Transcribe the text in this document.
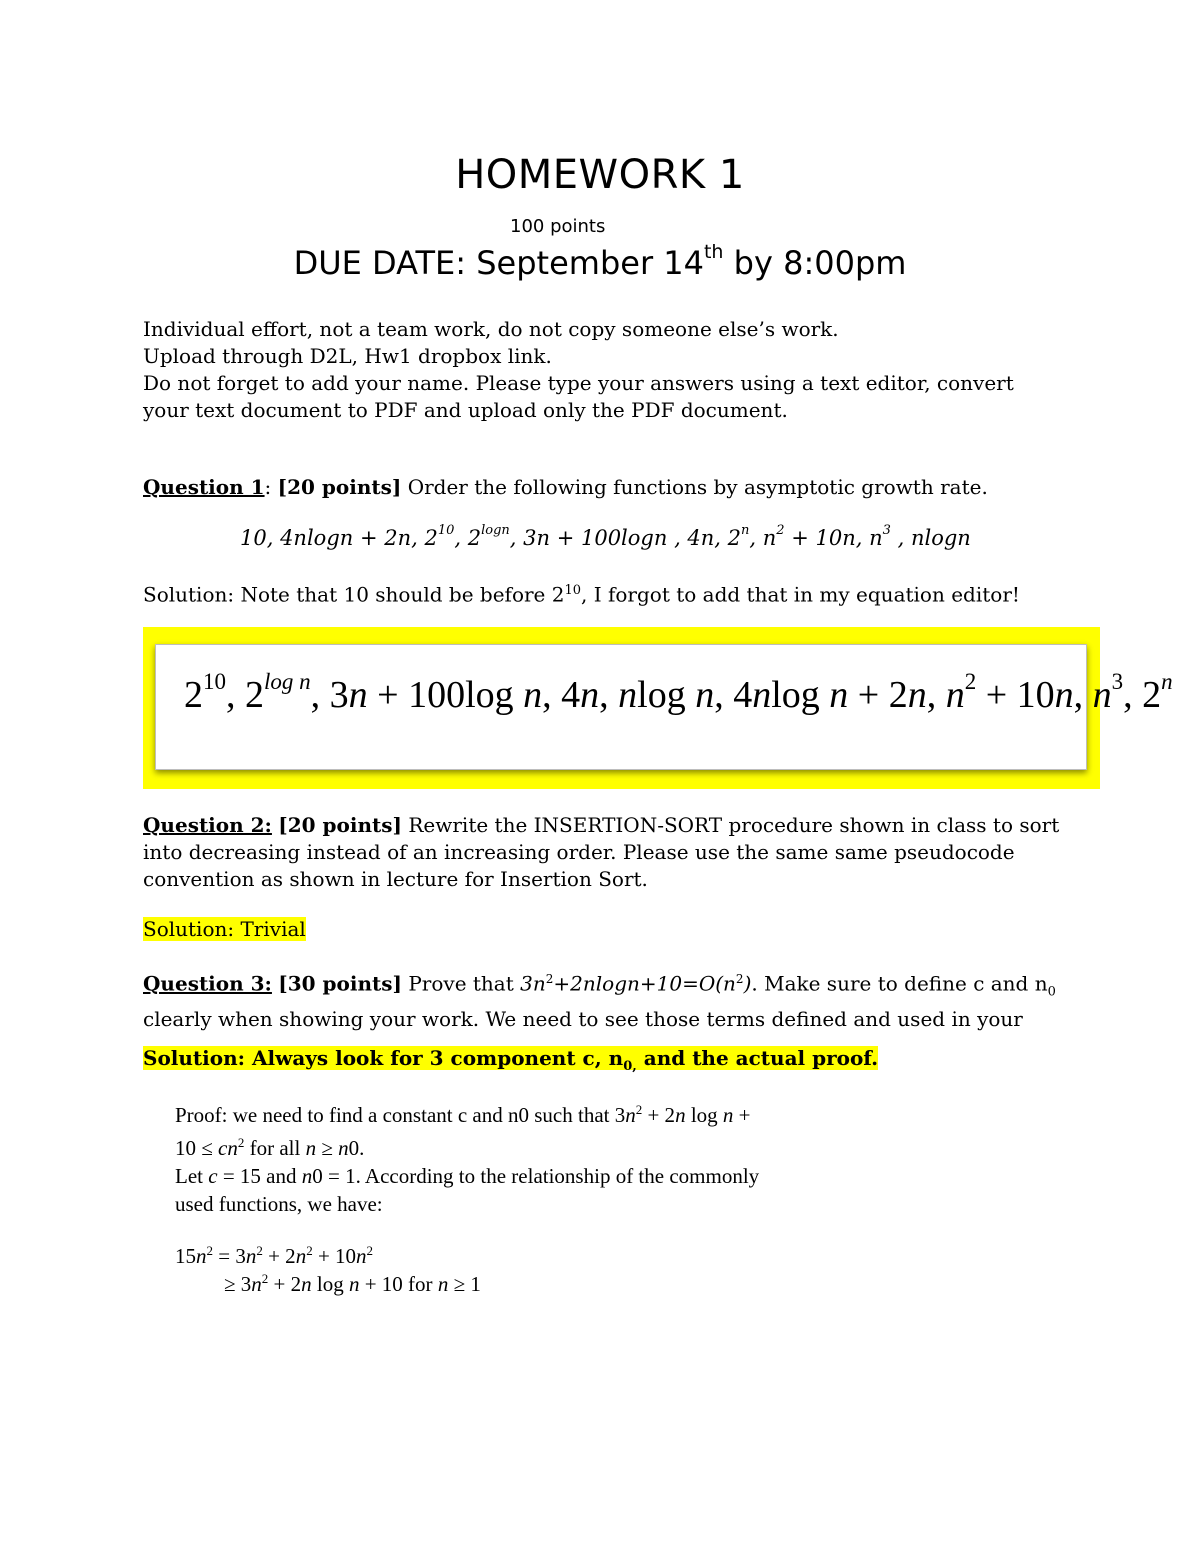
HOMEWORK 1
100 points
DUE DATE: September 14th by 8:00pm

Individual effort, not a team work, do not copy someone else’s work.

Upload through D2L, Hw1 dropbox link.

Do not forget to add your name. Please type your answers using a text editor, convert your text document to PDF and upload only the PDF document.

Question 1: [20 points] Order the following functions by asymptotic growth rate.
10, 4nlogn + 2n, $2^{10}$, $2^{logn}$, 3n + 100logn , 4n, 2$^n$, $n^2 + 10n$, $n^3$ , nlogn
Solution: Note that 10 should be before $2^{10}$, I forgot to add that in my equation editor!
$2^{10}$, $2^{log n}$, 3n + 100log n, 4n, nlog n, 4nlog n + 2n, $n^2 + 10n$, $n^3$, 2$^n$
Question 2: [20 points] Rewrite the INSERTION-SORT procedure shown in class to sort into decreasing instead of an increasing order. Please use the same same pseudocode convention as shown in lecture for Insertion Sort.
Solution: Trivial
Question 3: [30 points] Prove that $3n^2+2nlogn+10=O(n^2)$. Make sure to define c and $n_0$ clearly when showing your work. We need to see those terms defined and used in your
Solution: Always look for 3 component c, $n_{0,}$ and the actual proof.
Proof: we need to find a constant c and n0 such that $3n^2 + 2n$ log n +
$10 \le cn^2$ for all n ≥ n0.
Let c = 15 and n0 = 1. According to the relationship of the commonly
used functions, we have:
$15n^2 = 3n^2 + 2n^2 + 10n^2$
≥ $3n^2 + 2n$ log n + 10 for n ≥ 1
